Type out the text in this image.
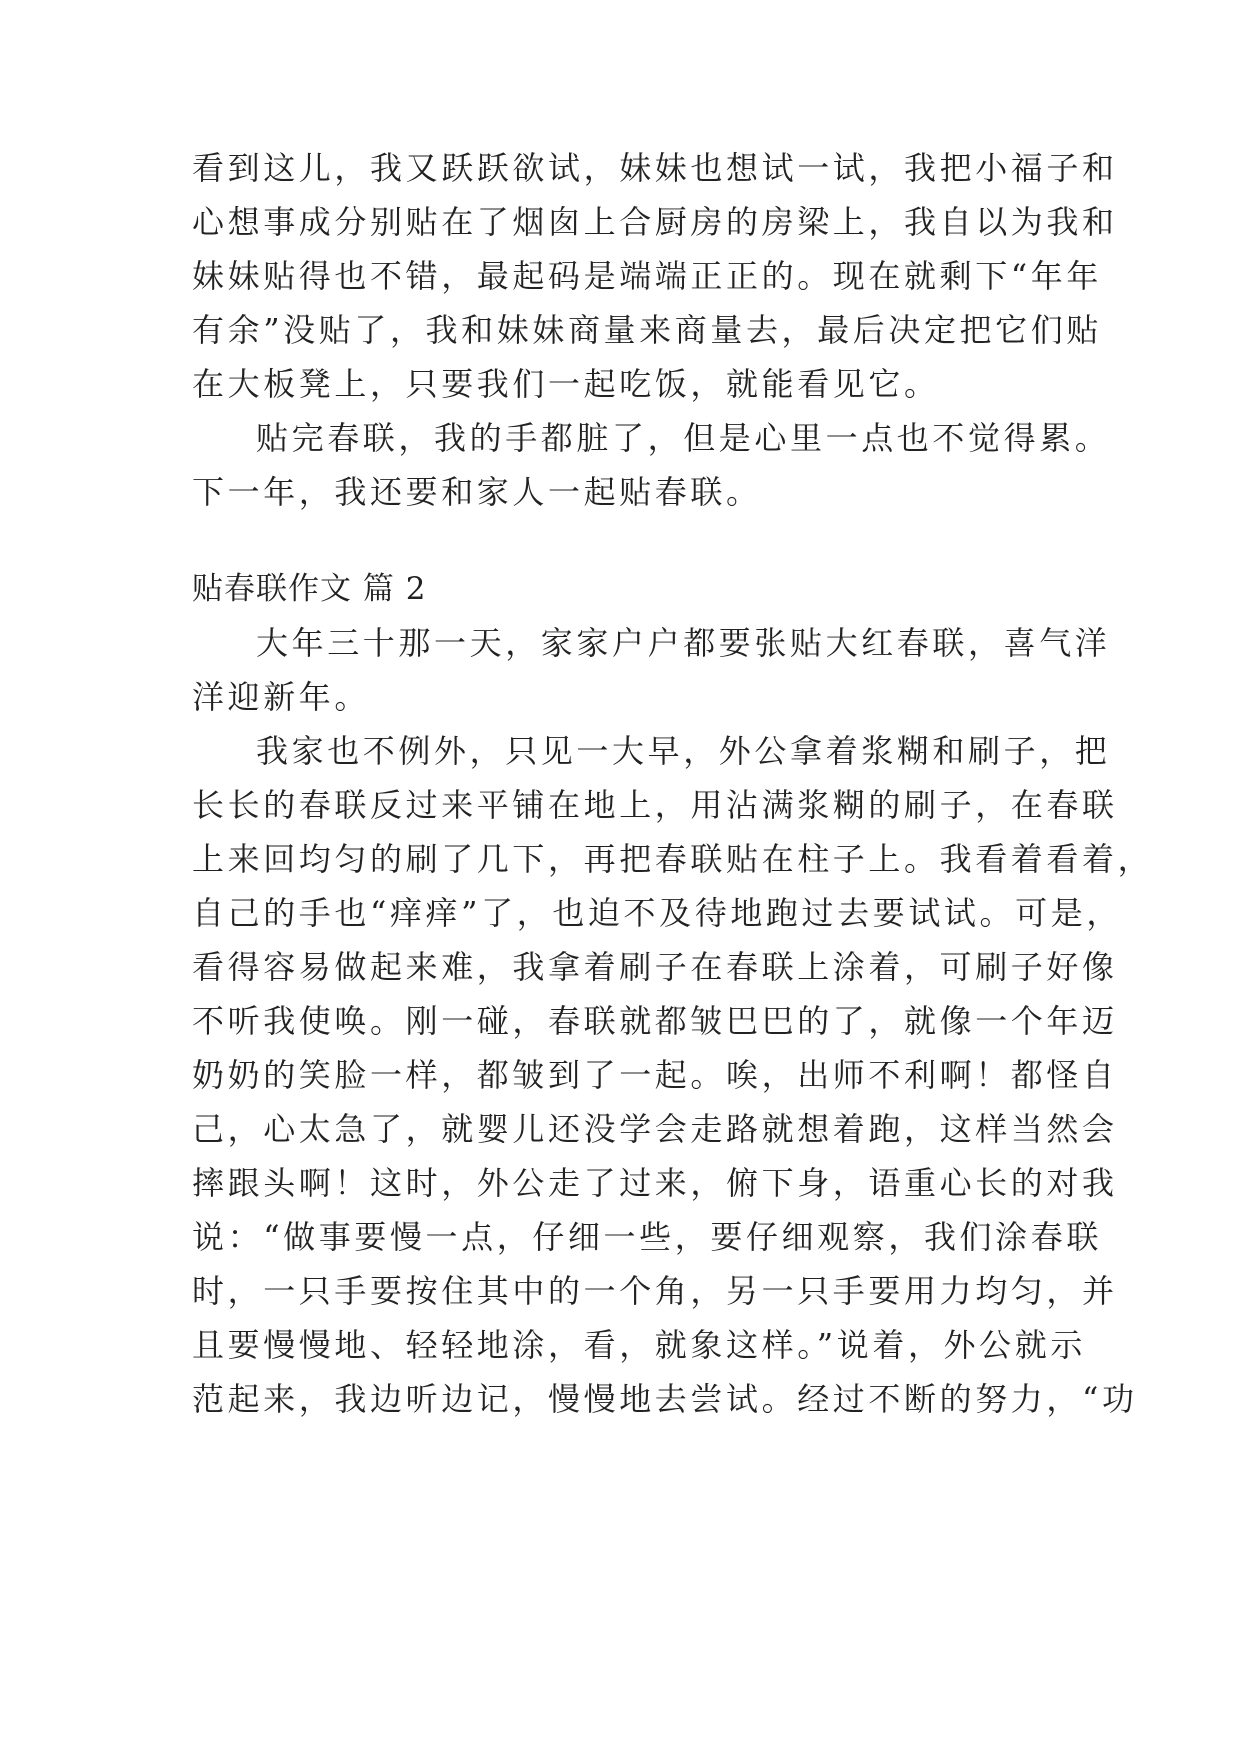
看到这儿，我又跃跃欲试，妹妹也想试一试，我把小福子和
心想事成分别贴在了烟囱上合厨房的房梁上，我自以为我和
妹妹贴得也不错，最起码是端端正正的。现在就剩下“年年
有余”没贴了，我和妹妹商量来商量去，最后决定把它们贴
在大板凳上，只要我们一起吃饭，就能看见它。
贴完春联，我的手都脏了，但是心里一点也不觉得累。
下一年，我还要和家人一起贴春联。
贴春联作文 篇 2
大年三十那一天，家家户户都要张贴大红春联，喜气洋
洋迎新年。
我家也不例外，只见一大早，外公拿着浆糊和刷子，把
长长的春联反过来平铺在地上，用沾满浆糊的刷子，在春联
上来回均匀的刷了几下，再把春联贴在柱子上。我看着看着，
自己的手也“痒痒”了，也迫不及待地跑过去要试试。可是，
看得容易做起来难，我拿着刷子在春联上涂着，可刷子好像
不听我使唤。刚一碰，春联就都皱巴巴的了，就像一个年迈
奶奶的笑脸一样，都皱到了一起。唉，出师不利啊！都怪自
己，心太急了，就婴儿还没学会走路就想着跑，这样当然会
摔跟头啊！这时，外公走了过来，俯下身，语重心长的对我
说：“做事要慢一点，仔细一些，要仔细观察，我们涂春联
时，一只手要按住其中的一个角，另一只手要用力均匀，并
且要慢慢地、轻轻地涂，看，就象这样。”说着，外公就示
范起来，我边听边记，慢慢地去尝试。经过不断的努力，“功
